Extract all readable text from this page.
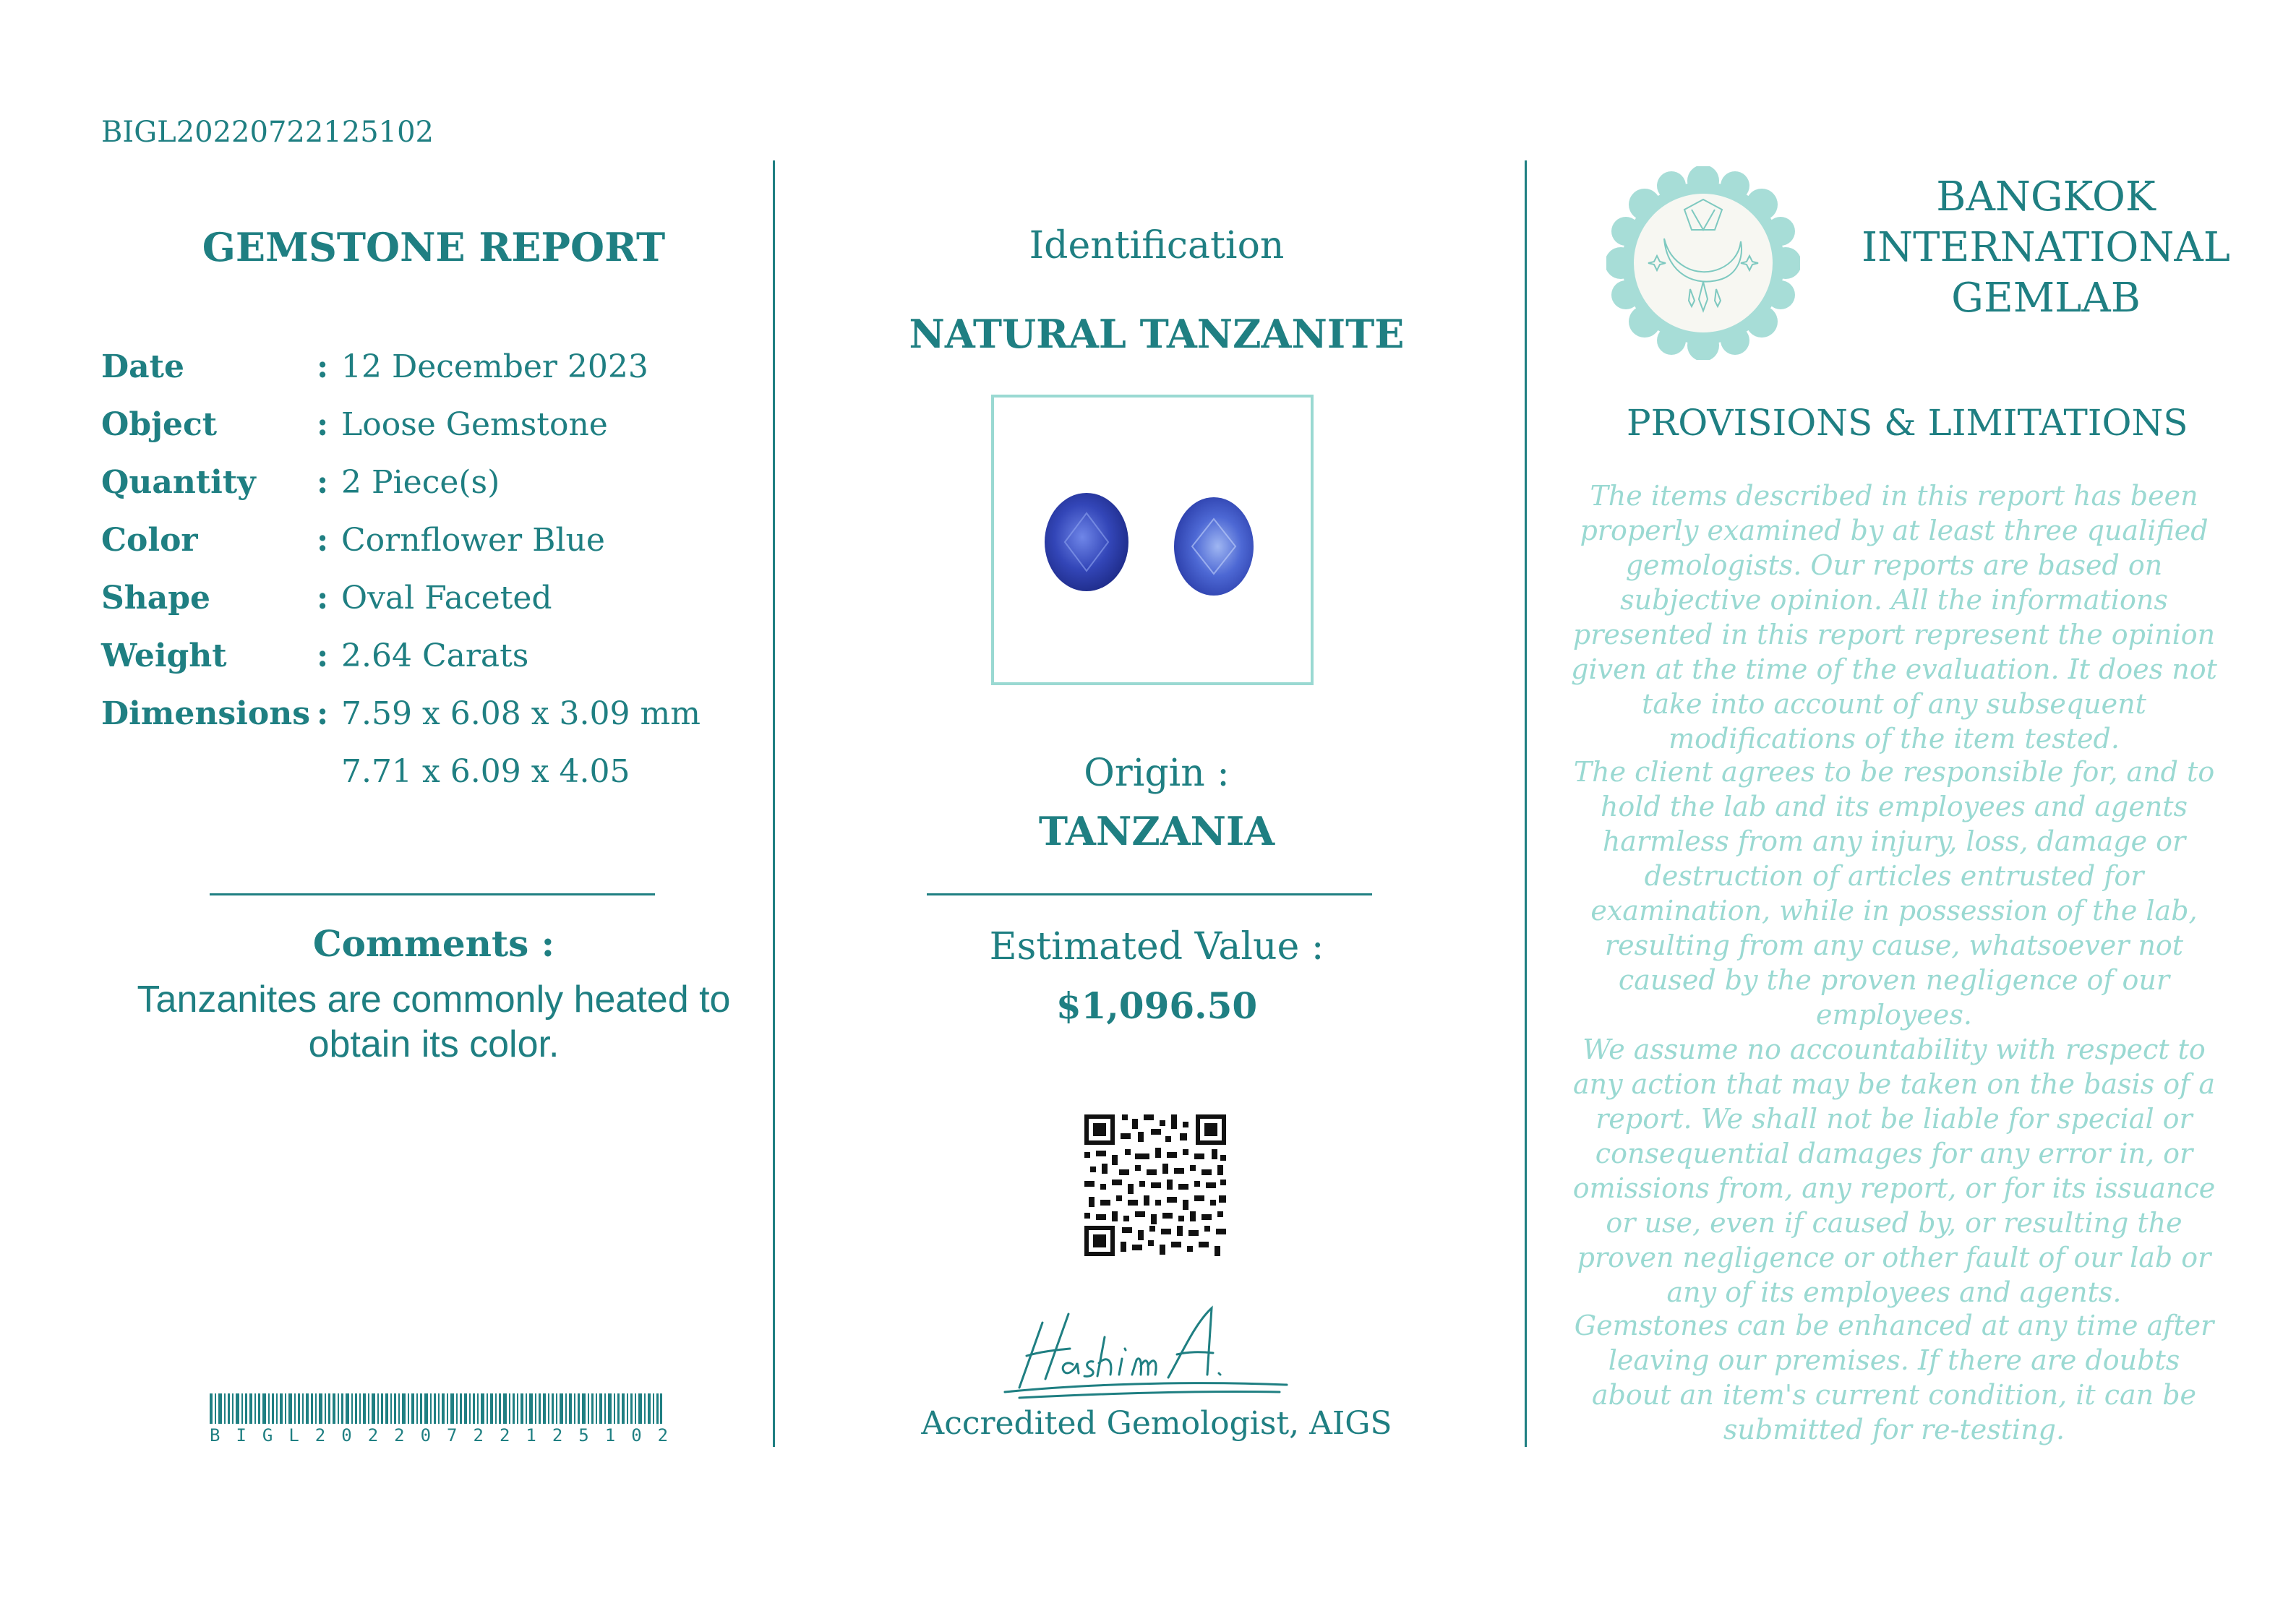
BIGL20220722125102
GEMSTONE REPORT
Date	: 12 December 2023
Object	: Loose Gemstone
Quantity : 2 Piece(s)
Color	: Cornflower Blue
Shape	: Oval Faceted
Weight	: 2.64 Carats
Dimensions : 7.59 x 6.08 x 3.09 mm
7.71 x 6.09 x 4.05
Comments :
Tanzanites are commonly heated to obtain its color.
BIGL20220722125102
Identification
NATURAL TANZANITE
Origin :
TANZANIA
Estimated Value :
$1,096.50
Accredited Gemologist, AIGS
BANGKOK
INTERNATIONAL
GEMLAB
PROVISIONS & LIMITATIONS
The items described in this report has been properly examined by at least three qualified gemologists. Our reports are based on subjective opinion. All the informations presented in this report represent the opinion given at the time of the evaluation. It does not take into account of any subsequent modifications of the item tested.
The client agrees to be responsible for, and to hold the lab and its employees and agents harmless from any injury, loss, damage or destruction of articles entrusted for examination, while in possession of the lab, resulting from any cause, whatsoever not caused by the proven negligence of our employees.
We assume no accountability with respect to any action that may be taken on the basis of a report. We shall not be liable for special or consequential damages for any error in, or omissions from, any report, or for its issuance or use, even if caused by, or resulting the proven negligence or other fault of our lab or any of its employees and agents.
Gemstones can be enhanced at any time after leaving our premises. If there are doubts about an item's current condition, it can be submitted for re-testing.
